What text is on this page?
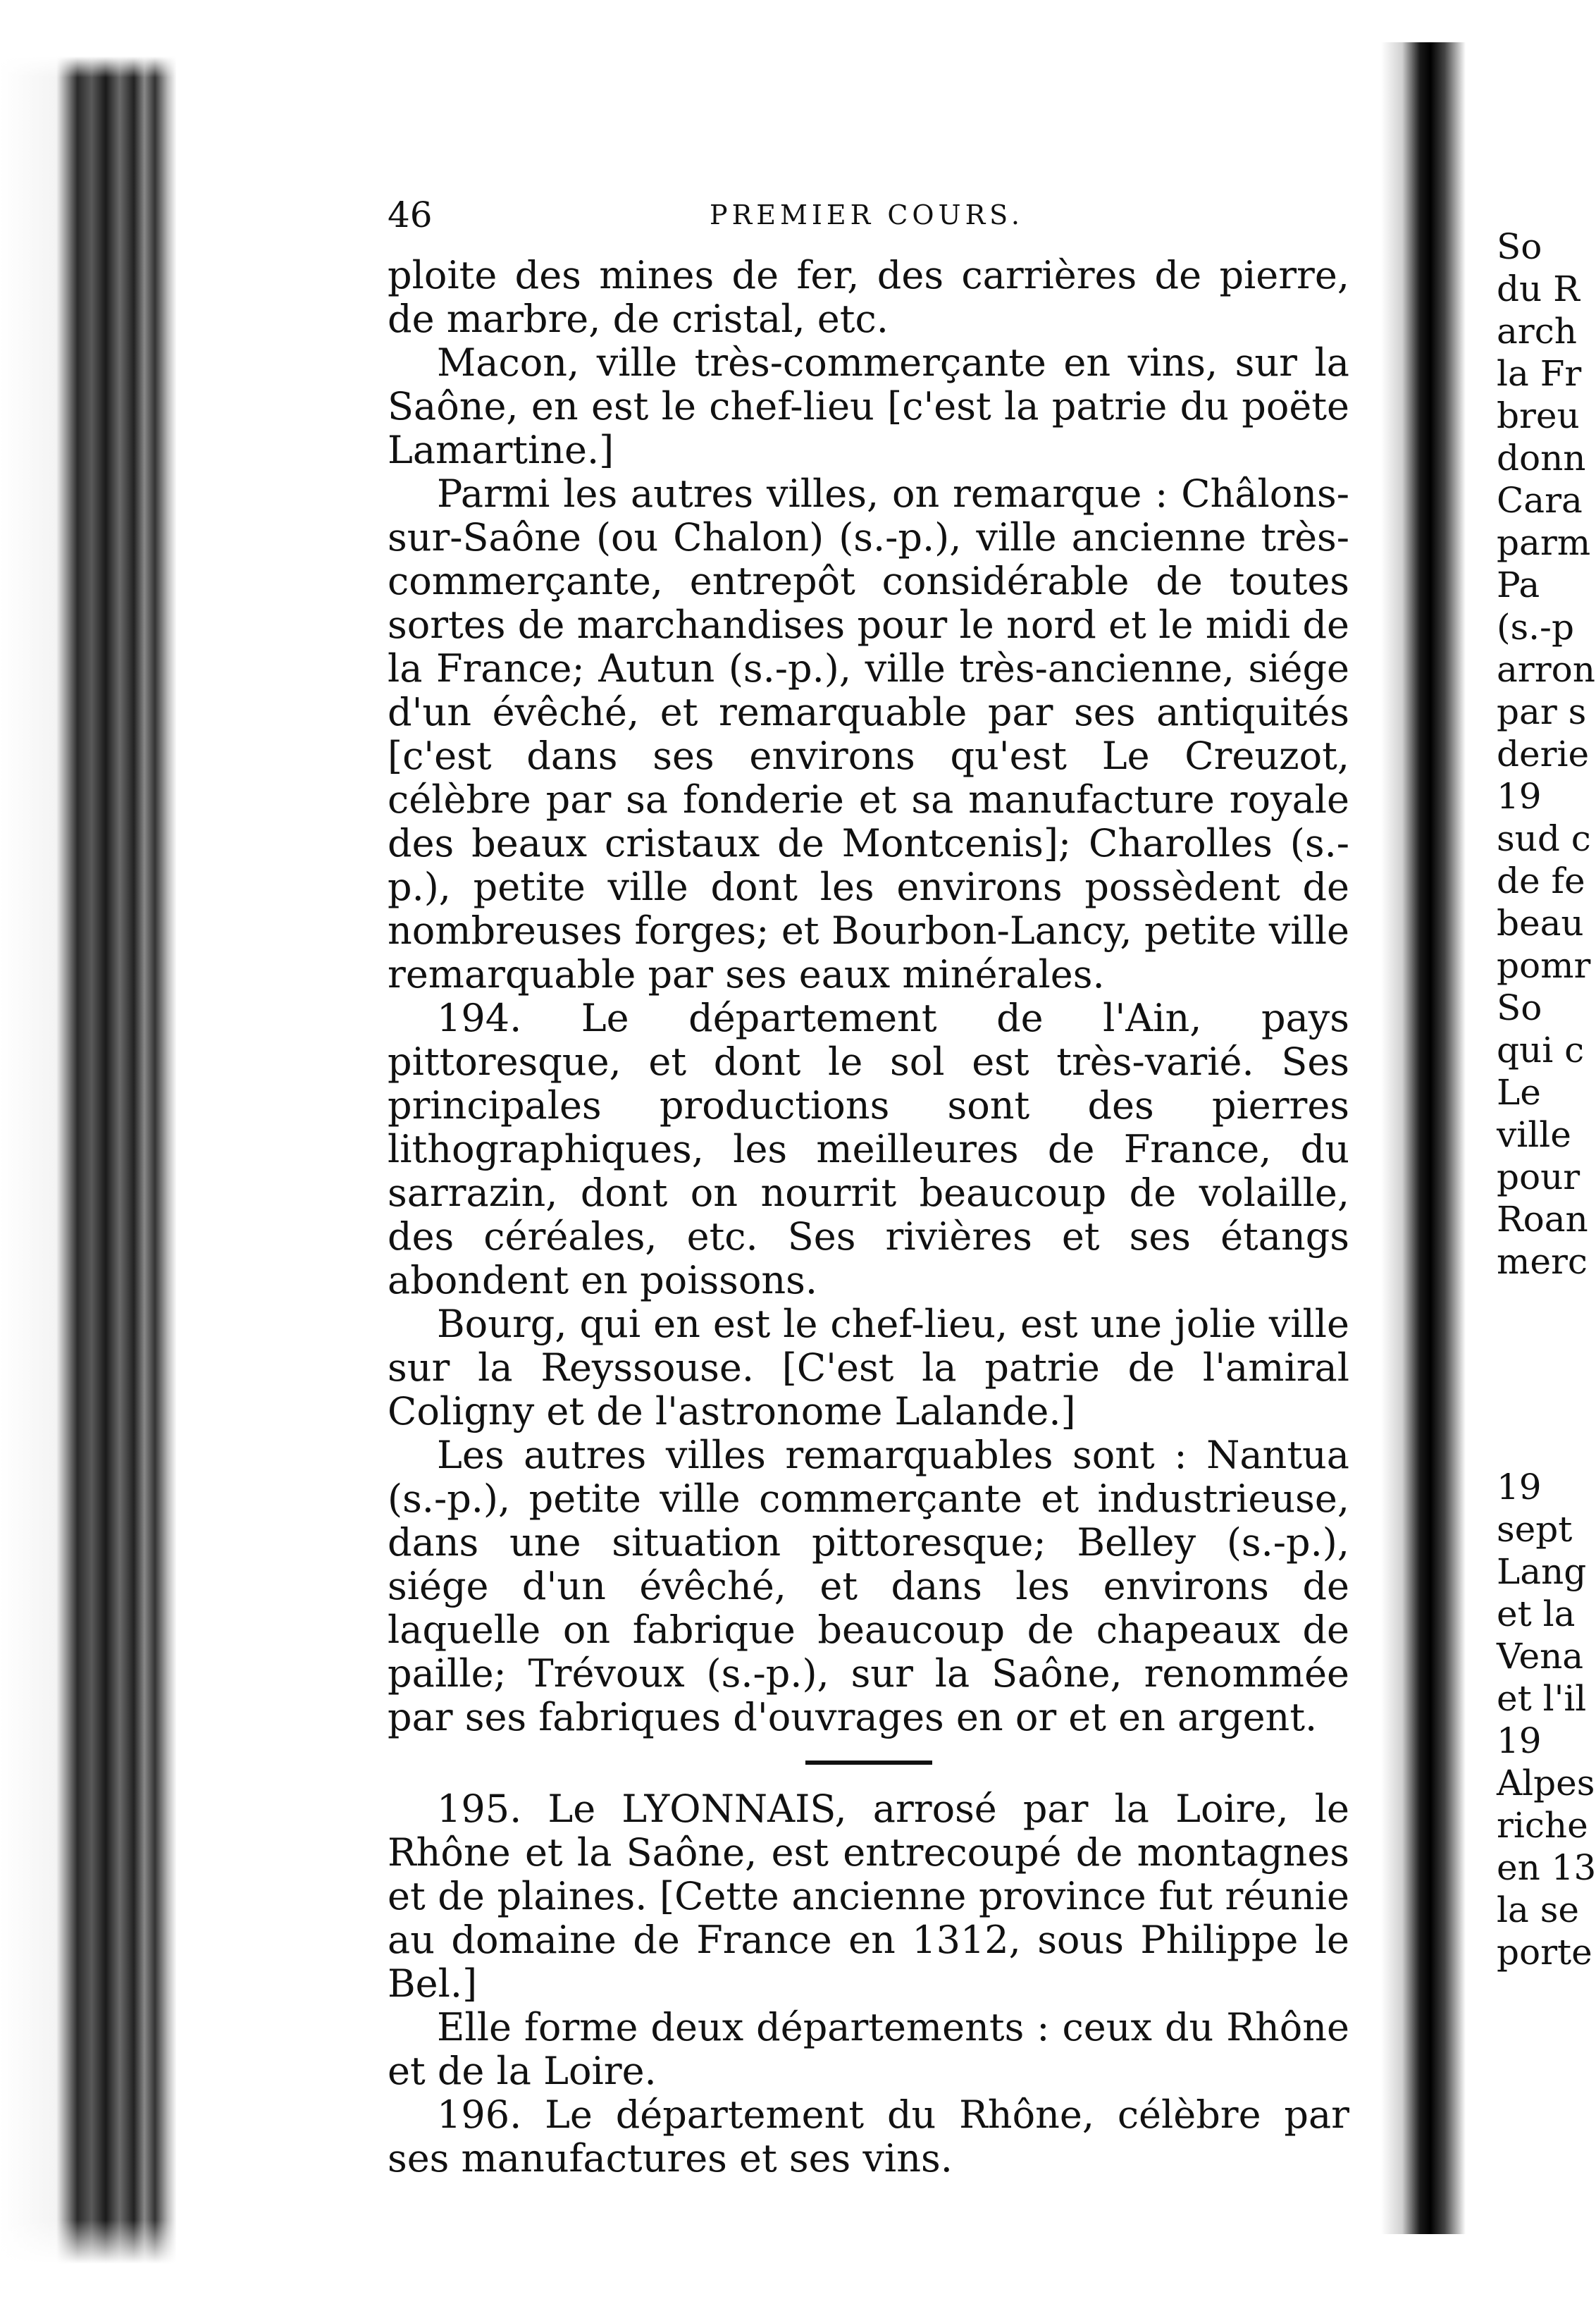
46	PREMIER COURS.

ploite des mines de fer, des carrières de pierre, de marbre, de cristal, etc.

Macon, ville très-commerçante en vins, sur la Saône, en est le chef-lieu [c'est la patrie du poëte Lamartine.]

Parmi les autres villes, on remarque : Châlons-sur-Saône (ou Chalon) (s.-p.), ville ancienne très-commerçante, entrepôt considérable de toutes sortes de marchandises pour le nord et le midi de la France; Autun (s.-p.), ville très-ancienne, siége d'un évêché, et remarquable par ses antiquités [c'est dans ses environs qu'est Le Creuzot, célèbre par sa fonderie et sa manufacture royale des beaux cristaux de Montcenis]; Charolles (s.-p.), petite ville dont les environs possèdent de nombreuses forges; et Bourbon-Lancy, petite ville remarquable par ses eaux minérales.

194. Le département de l'Ain, pays pittoresque, et dont le sol est très-varié. Ses principales productions sont des pierres lithographiques, les meilleures de France, du sarrazin, dont on nourrit beaucoup de volaille, des céréales, etc. Ses rivières et ses étangs abondent en poissons.

Bourg, qui en est le chef-lieu, est une jolie ville sur la Reyssouse. [C'est la patrie de l'amiral Coligny et de l'astronome Lalande.]

Les autres villes remarquables sont : Nantua (s.-p.), petite ville commerçante et industrieuse, dans une situation pittoresque; Belley (s.-p.), siége d'un évêché, et dans les environs de laquelle on fabrique beaucoup de chapeaux de paille; Trévoux (s.-p.), sur la Saône, renommée par ses fabriques d'ouvrages en or et en argent.

195. Le LYONNAIS, arrosé par la Loire, le Rhône et la Saône, est entrecoupé de montagnes et de plaines. [Cette ancienne province fut réunie au domaine de France en 1312, sous Philippe le Bel.]

Elle forme deux départements : ceux du Rhône et de la Loire.

196. Le département du Rhône, célèbre par ses manufactures et ses vins.

So
du R
arch
la Fr
breu
donn
Cara
parm
Pa
(s.-p
arron
par s
derie
19
sud c
de fe
beau
pomr
So
qui c
Le
ville
pour
Roan
merc
19
sept
Lang
et la
Vena
et l'il
19
Alpes
riche
en 13
la se
porte
